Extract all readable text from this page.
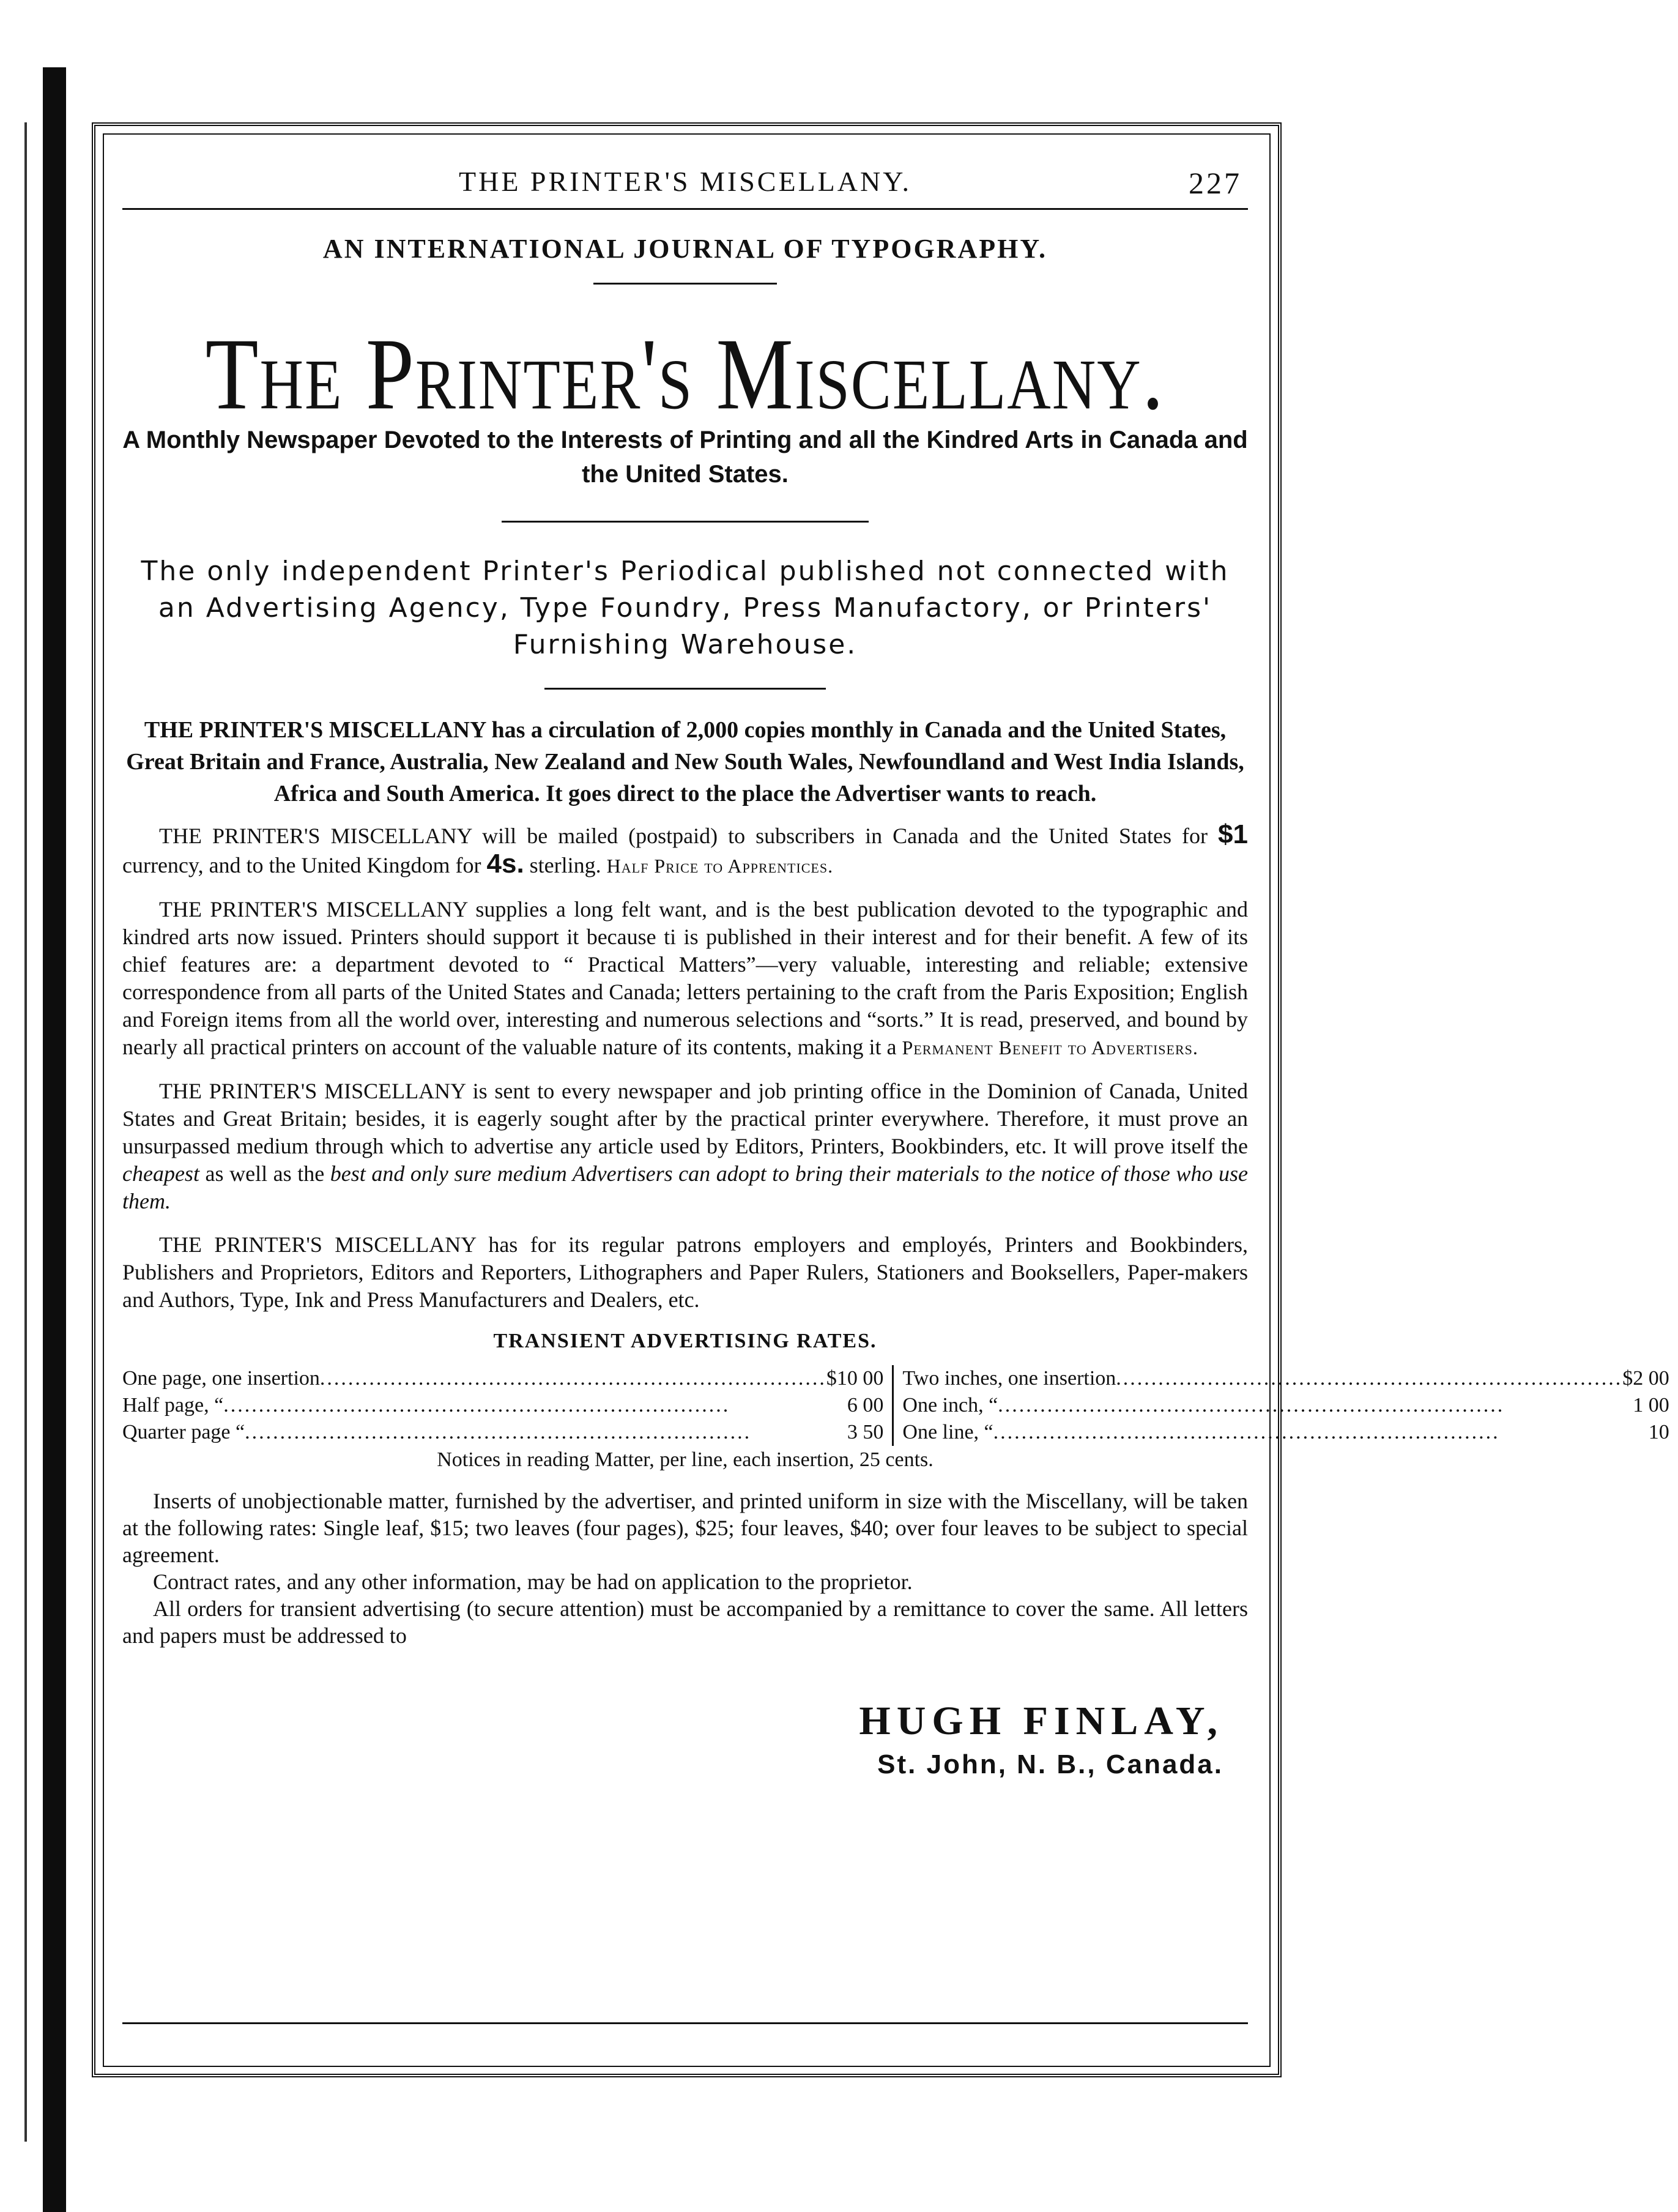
THE PRINTER'S MISCELLANY.	227
AN INTERNATIONAL JOURNAL OF TYPOGRAPHY.
The Printer's Miscellany.
A Monthly Newspaper Devoted to the Interests of Printing and all the Kindred Arts in Canada and the United States.
The only independent Printer's Periodical published not connected with an Advertising Agency, Type Foundry, Press Manufactory, or Printers' Furnishing Warehouse.
THE PRINTER'S MISCELLANY has a circulation of 2,000 copies monthly in Canada and the United States, Great Britain and France, Australia, New Zealand and New South Wales, Newfoundland and West India Islands, Africa and South America. It goes direct to the place the Advertiser wants to reach.

THE PRINTER'S MISCELLANY will be mailed (postpaid) to subscribers in Canada and the United States for $1 currency, and to the United Kingdom for 4s. sterling. Half Price to Apprentices.

THE PRINTER'S MISCELLANY supplies a long felt want, and is the best publication devoted to the typographic and kindred arts now issued. Printers should support it because ti is published in their interest and for their benefit. A few of its chief features are: a department devoted to “ Practical Matters”—very valuable, interesting and reliable; extensive correspondence from all parts of the United States and Canada; letters pertaining to the craft from the Paris Exposition; English and Foreign items from all the world over, interesting and numerous selections and “sorts.” It is read, preserved, and bound by nearly all practical printers on account of the valuable nature of its contents, making it a Permanent Benefit to Advertisers.

THE PRINTER'S MISCELLANY is sent to every newspaper and job printing office in the Dominion of Canada, United States and Great Britain; besides, it is eagerly sought after by the practical printer everywhere. Therefore, it must prove an unsurpassed medium through which to advertise any article used by Editors, Printers, Bookbinders, etc. It will prove itself the cheapest as well as the best and only sure medium Advertisers can adopt to bring their materials to the notice of those who use them.

THE PRINTER'S MISCELLANY has for its regular patrons employers and employés, Printers and Bookbinders, Publishers and Proprietors, Editors and Reporters, Lithographers and Paper Rulers, Stationers and Booksellers, Paper-makers and Authors, Type, Ink and Press Manufacturers and Dealers, etc.

TRANSIENT ADVERTISING RATES.
One page, one insertion .....	$10 00
Half page, “ .....	6 00
Quarter page “ .....	3 50
Two inches, one insertion .....	$2 00
One inch, “ .....	1 00
One line, “ .....	10
Notices in reading Matter, per line, each insertion, 25 cents.

Inserts of unobjectionable matter, furnished by the advertiser, and printed uniform in size with the Miscellany, will be taken at the following rates: Single leaf, $15; two leaves (four pages), $25; four leaves, $40; over four leaves to be subject to special agreement.

Contract rates, and any other information, may be had on application to the proprietor.

All orders for transient advertising (to secure attention) must be accompanied by a remittance to cover the same. All letters and papers must be addressed to

HUGH FINLAY,
St. John, N. B., Canada.
